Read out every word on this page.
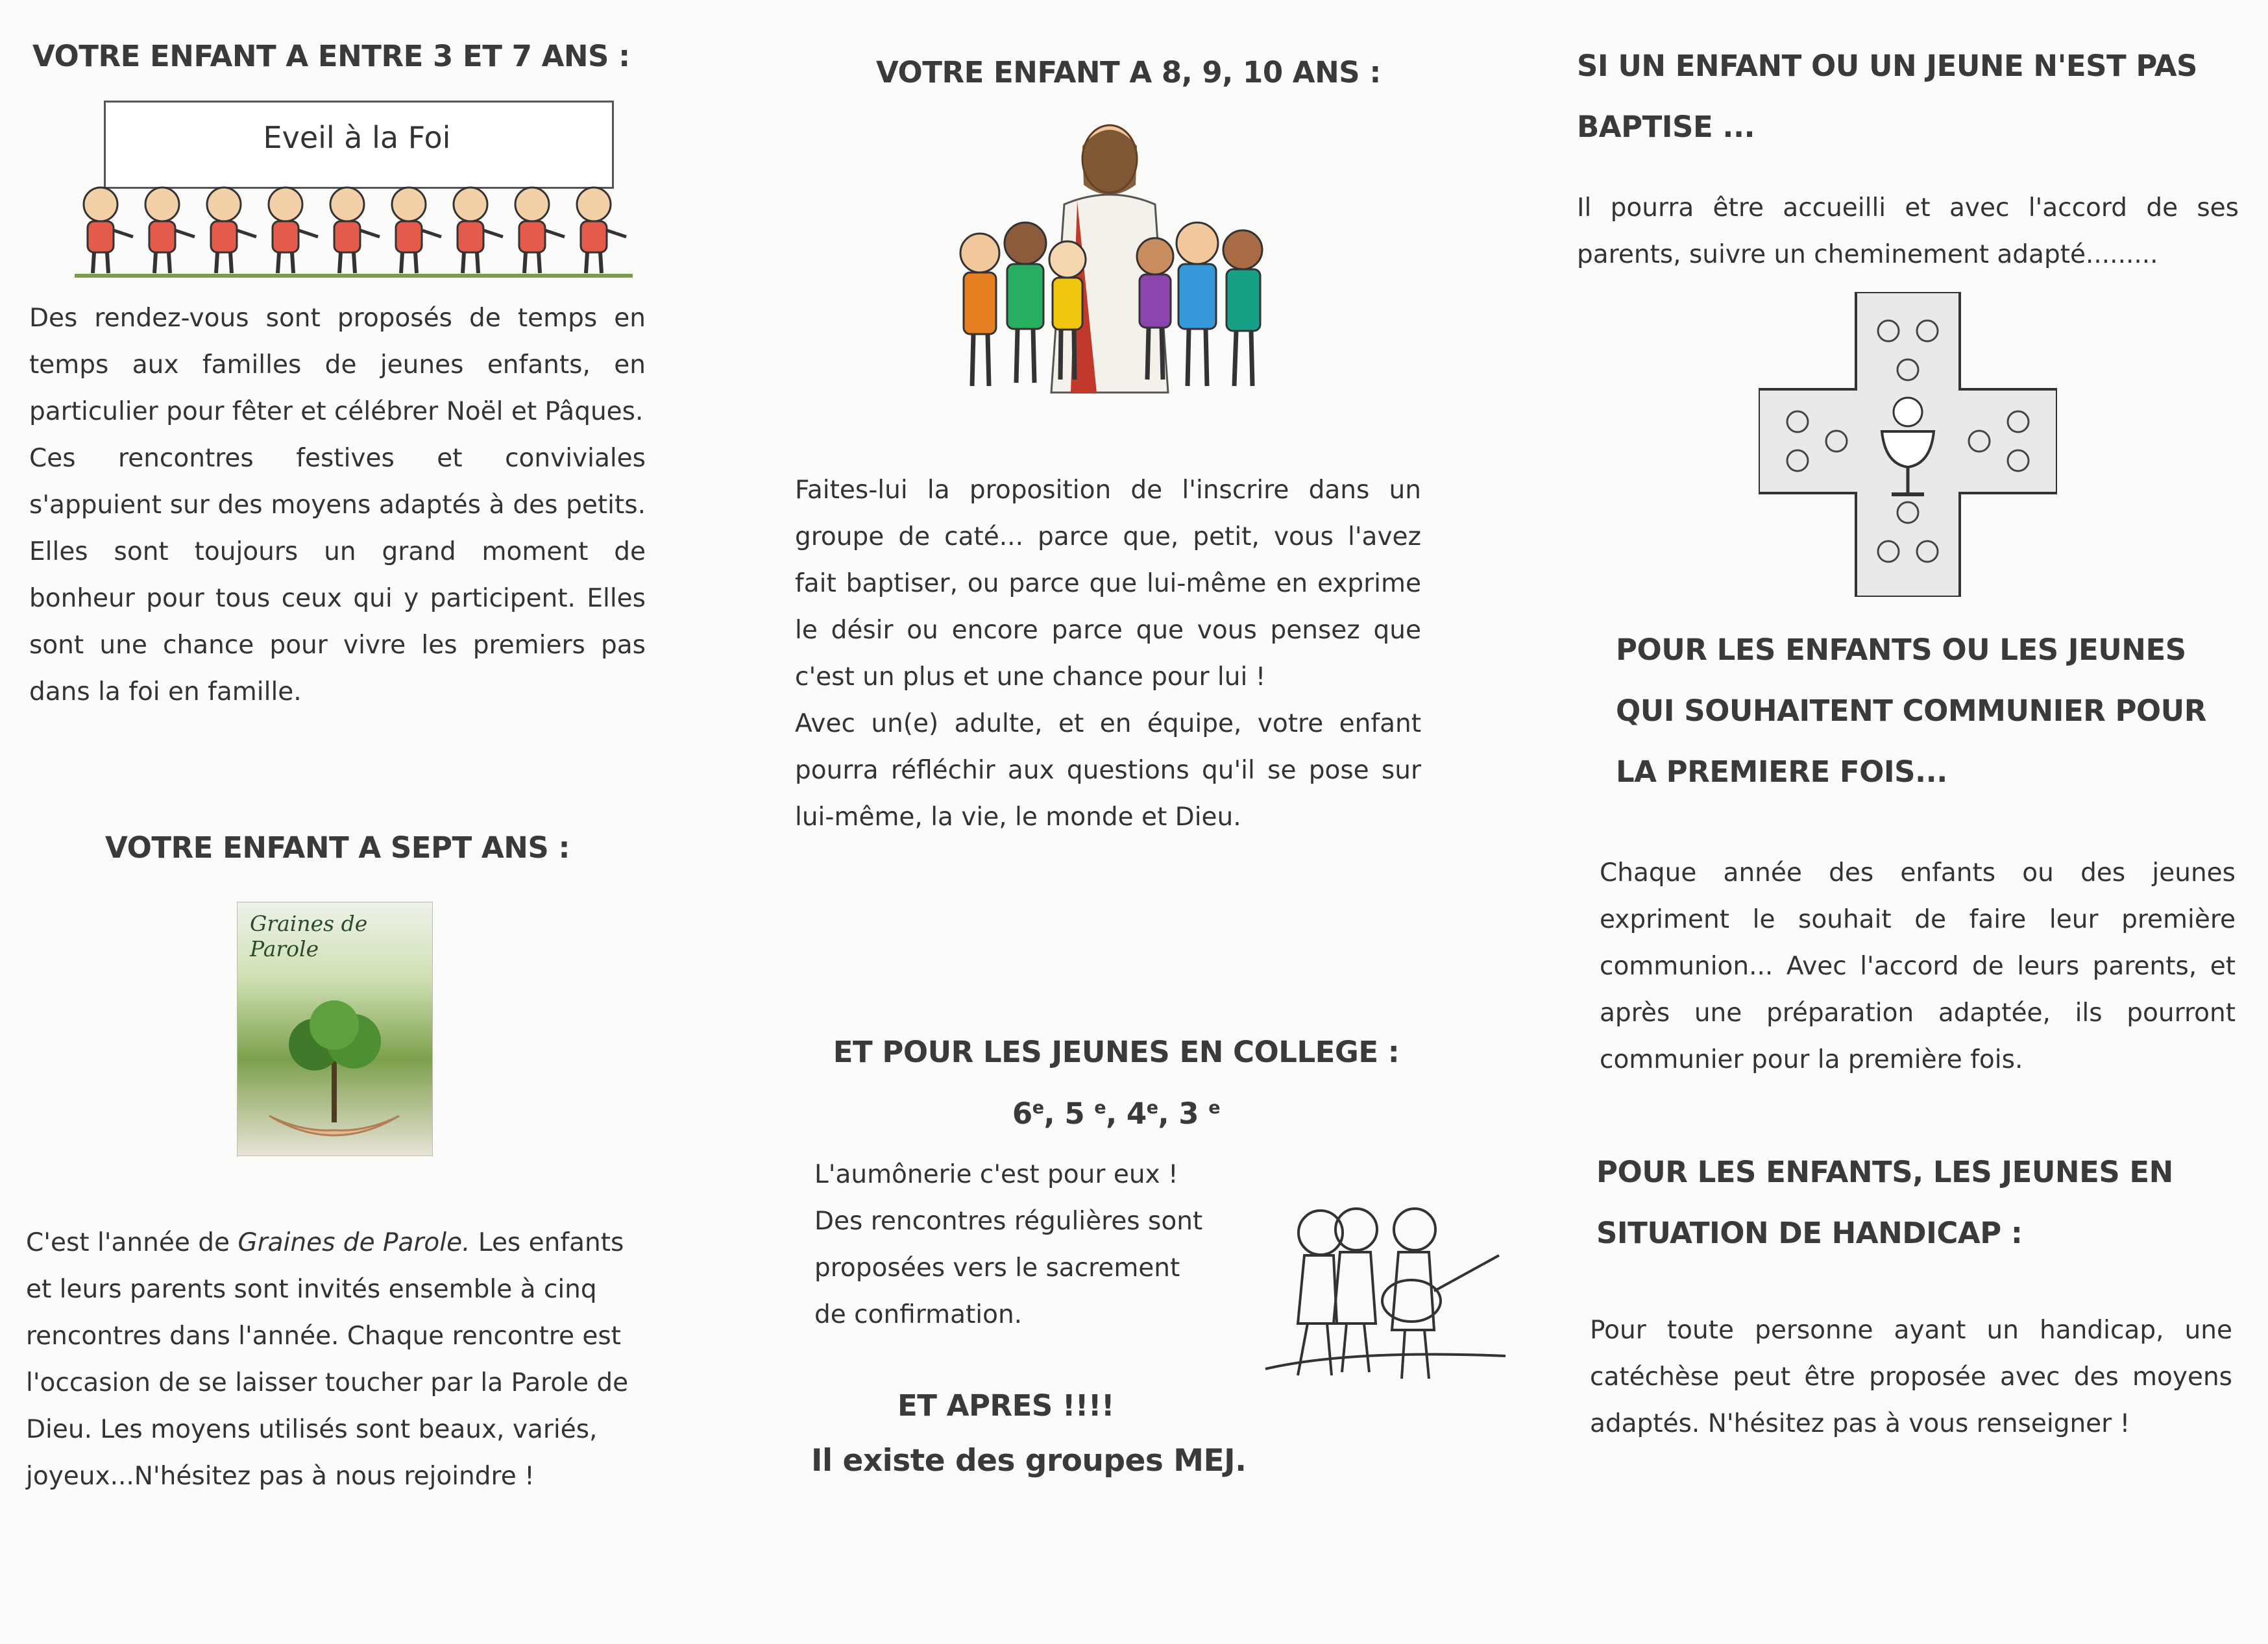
VOTRE ENFANT A ENTRE 3 ET 7 ANS :
Eveil à la Foi

Des rendez-vous sont proposés de temps en temps aux familles de jeunes enfants, en particulier pour fêter et célébrer Noël et Pâques.

Ces rencontres festives et conviviales s'appuient sur des moyens adaptés à des petits. Elles sont toujours un grand moment de bonheur pour tous ceux qui y participent. Elles sont une chance pour vivre les premiers pas dans la foi en famille.

VOTRE ENFANT A SEPT ANS :
Graines de Parole
C'est l'année de Graines de Parole. Les enfants et leurs parents sont invités ensemble à cinq rencontres dans l'année. Chaque rencontre est l'occasion de se laisser toucher par la Parole de Dieu. Les moyens utilisés sont beaux, variés, joyeux...N'hésitez pas à nous rejoindre !
VOTRE ENFANT A 8, 9, 10 ANS :

Faites-lui la proposition de l'inscrire dans un groupe de caté... parce que, petit, vous l'avez fait baptiser, ou parce que lui-même en exprime le désir ou encore parce que vous pensez que c'est un plus et une chance pour lui !

Avec un(e) adulte, et en équipe, votre enfant pourra réfléchir aux questions qu'il se pose sur lui-même, la vie, le monde et Dieu.

ET POUR LES JEUNES EN COLLEGE :
6e, 5 $^e$, 4e, 3 $^e$

L'aumônerie c'est pour eux !

Des rencontres régulières sont

proposées vers le sacrement

de confirmation.

ET APRES !!!!
Il existe des groupes MEJ.
SI UN ENFANT OU UN JEUNE N'EST PAS BAPTISE ...
Il pourra être accueilli et avec l'accord de ses parents, suivre un cheminement adapté.........
POUR LES ENFANTS OU LES JEUNES QUI SOUHAITENT COMMUNIER POUR LA PREMIERE FOIS...
Chaque année des enfants ou des jeunes expriment le souhait de faire leur première communion... Avec l'accord de leurs parents, et après une préparation adaptée, ils pourront communier pour la première fois.
POUR LES ENFANTS, LES JEUNES EN SITUATION DE HANDICAP :
Pour toute personne ayant un handicap, une catéchèse peut être proposée avec des moyens adaptés. N'hésitez pas à vous renseigner !
